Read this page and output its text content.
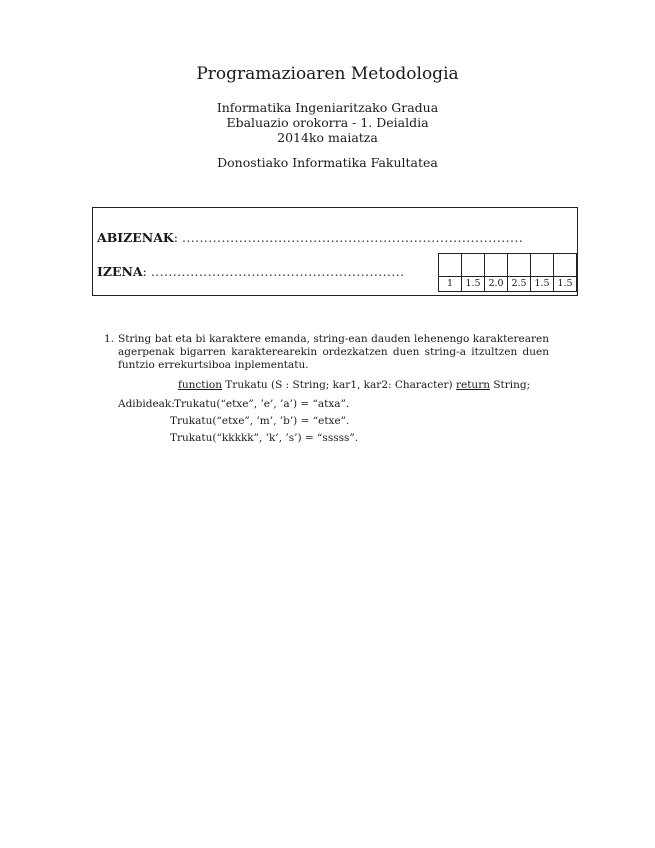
Programazioaren Metodologia
Informatika Ingeniaritzako Gradua
Ebaluazio orokorra - 1. Deialdia
2014ko maiatza
Donostiako Informatika Fakultatea
ABIZENAK: ..............................................................................
IZENA: ..........................................................

1	1.5	2.0	2.5	1.5	1.5
1. String bat eta bi karaktere emanda, string-ean dauden lehenengo karakterearen agerpenak bigarren karakterearekin ordezkatzen duen string-a itzultzen duen funtzio errekurtsiboa inplementatu.
function Trukatu (S : String; kar1, kar2: Character) return String;
Adibideak: Trukatu(“etxe”, ’e’, ’a’) = “atxa”.
Trukatu(“etxe”, ’m’, ’b’) = “etxe”.
Trukatu(“kkkkk”, ’k’, ’s’) = “sssss”.
